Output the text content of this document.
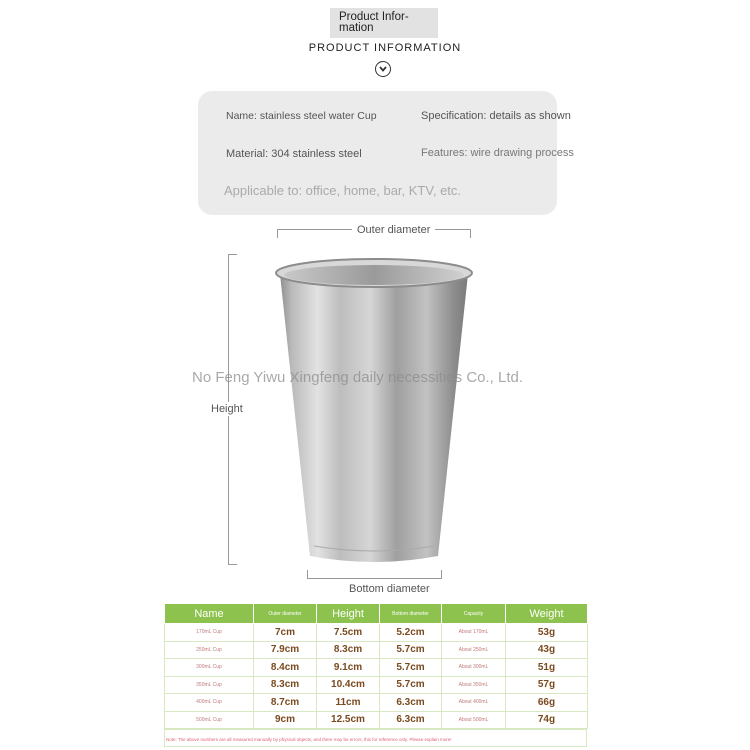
Product Infor-mation
PRODUCT INFORMATION
Name: stainless steel water Cup	Specification: details as shown
Material: 304 stainless steel	Features: wire drawing process
Applicable to: office, home, bar, KTV, etc.
Outer diameter
Height
Bottom diameter
No Feng Yiwu Xingfeng daily necessities Co., Ltd.
Name	Outer diameter	Height	Bottom diameter	Capacity	Weight
170mL Cup	7cm	7.5cm	5.2cm	About 170mL	53g
250mL Cup	7.9cm	8.3cm	5.7cm	About 250mL	43g
300mL Cup	8.4cm	9.1cm	5.7cm	About 300mL	51g
350mL Cup	8.3cm	10.4cm	5.7cm	About 350mL	57g
400mL Cup	8.7cm	11cm	6.3cm	About 400mL	66g
500mL Cup	9cm	12.5cm	6.3cm	About 500mL	74g
Note: The above numbers are all measured manually by physical objects, and there may be errors, this for reference only. Please explain more!
